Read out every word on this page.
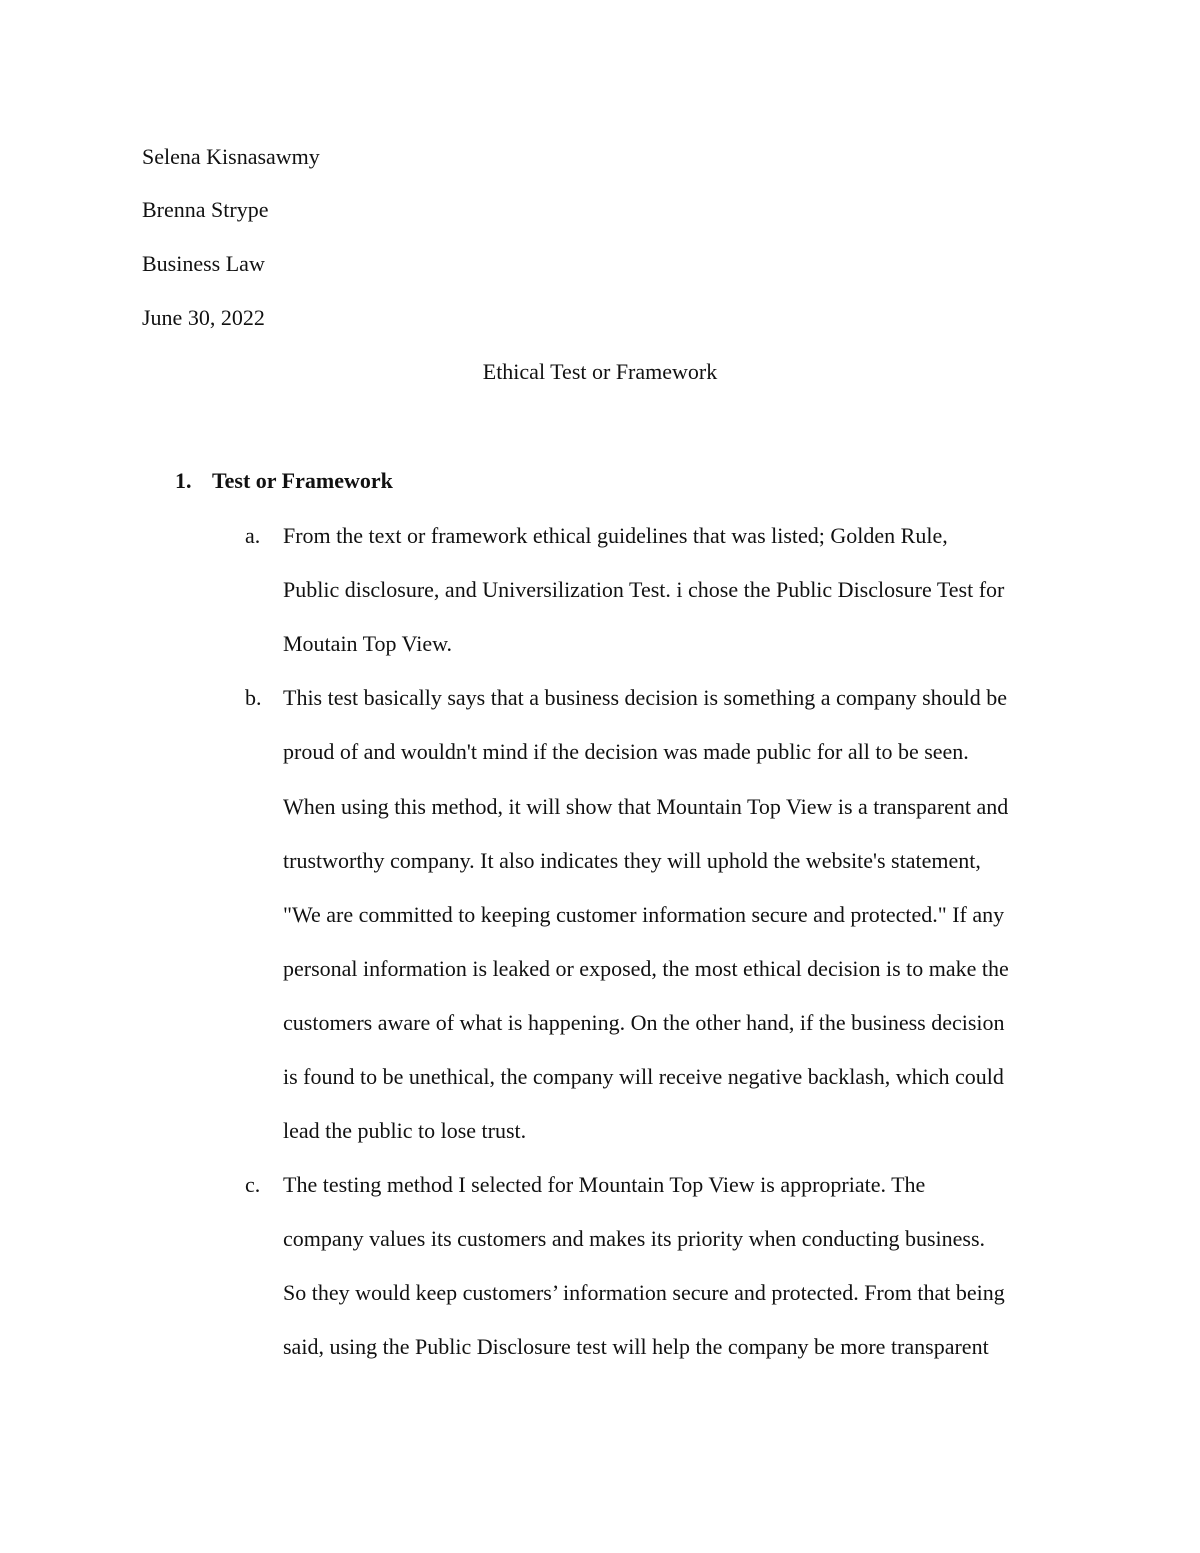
Selena Kisnasawmy
Brenna Strype
Business Law
June 30, 2022
Ethical Test or Framework
1. Test or Framework
a. From the text or framework ethical guidelines that was listed; Golden Rule,
Public disclosure, and Universilization Test. i chose the Public Disclosure Test for
Moutain Top View.
b. This test basically says that a business decision is something a company should be
proud of and wouldn't mind if the decision was made public for all to be seen.
When using this method, it will show that Mountain Top View is a transparent and
trustworthy company. It also indicates they will uphold the website's statement,
"We are committed to keeping customer information secure and protected." If any
personal information is leaked or exposed, the most ethical decision is to make the
customers aware of what is happening. On the other hand, if the business decision
is found to be unethical, the company will receive negative backlash, which could
lead the public to lose trust.
c. The testing method I selected for Mountain Top View is appropriate. The
company values its customers and makes its priority when conducting business.
So they would keep customers’ information secure and protected. From that being
said, using the Public Disclosure test will help the company be more transparent
